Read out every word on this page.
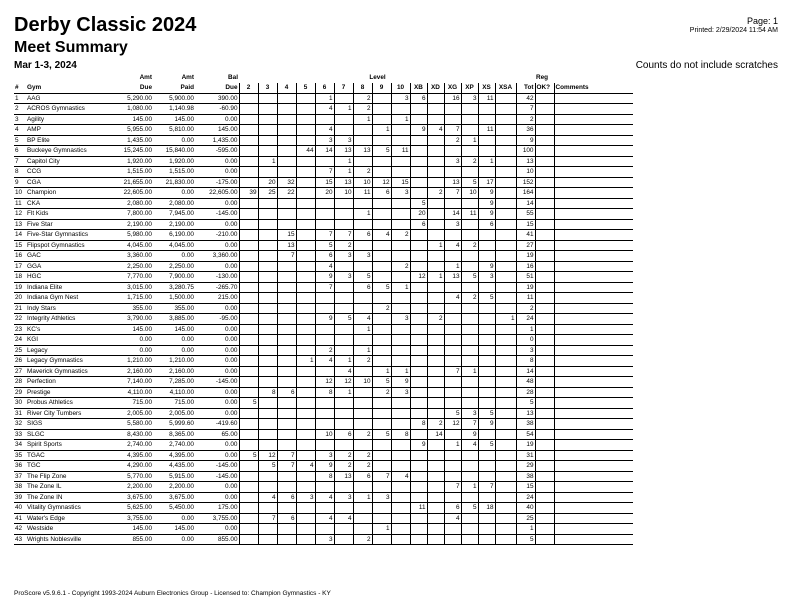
Derby Classic 2024
Meet Summary
Mar 1-3, 2024
Page: 1
Printed: 2/29/2024 11:54 AM
Counts do not include scratches
		Amt	Amt	Bal	Level																Reg	
#	Gym	Due	Paid	Due	2	3	4	5	6	7	8	9	10	XB	XD	XG	XP	XS	XSA	Tot	OK?	Comments
1	AAG	5,290.00	5,900.00	390.00					1		2		3	6		16	3	11		42		
2	ACROS Gymnastics	1,080.00	1,140.98	-60.90					4	1	2									7		
3	Agility	145.00	145.00	0.00							1		1							2		
4	AMP	5,955.00	5,810.00	145.00					4			1		9	4	7		11		36		
5	BP Elite	1,435.00	0.00	1,435.00					3	3						2	1			9		
6	Buckeye Gymnastics	15,245.00	15,840.00	-595.00				44	14	13	13	5	11							100		
7	Capitol City	1,920.00	1,920.00	0.00		1				1						3	2	1		13		
8	CCG	1,515.00	1,515.00	0.00					7	1	2									10		
9	CGA	21,655.00	21,830.00	-175.00		20	32		15	13	10	12	15			13	5	17		152		
10	Champion	22,605.00	0.00	22,605.00	39	25	22		20	10	11	6	3		2	7	10	9		164		
11	CKA	2,080.00	2,080.00	0.00										5				9		14		
12	Flt Kids	7,800.00	7,945.00	-145.00							1			20		14	11	9		55		
13	Five Star	2,190.00	2,190.00	0.00										6		3		6		15		
14	Five-Star Gymnastics	5,980.00	6,190.00	-210.00			15		7	7	6	4	2							41		
15	Flipspot Gymnastics	4,045.00	4,045.00	0.00			13		5	2					1	4	2			27		
16	GAC	3,360.00	0.00	3,360.00			7		6	3	3									19		
17	GGA	2,250.00	2,250.00	0.00					4				2			1		9		16		
18	HGC	7,770.00	7,900.00	-130.00					9	3	5			12	1	13	5	3		51		
19	Indiana Elite	3,015.00	3,280.75	-265.70					7		6	5	1							19		
20	Indiana Gym Nest	1,715.00	1,500.00	215.00												4	2	5		11		
21	Indy Stars	355.00	355.00	0.00								2								2		
22	Integrity Athletics	3,790.00	3,885.00	-95.00					9	5	4		3		2				1	24		
23	KC's	145.00	145.00	0.00							1									1		
24	KGI	0.00	0.00	0.00																0		
25	Legacy	0.00	0.00	0.00					2		1									3		
26	Legacy Gymnastics	1,210.00	1,210.00	0.00				1	4	1	2									8		
27	Maverick Gymnastics	2,160.00	2,160.00	0.00						4		1	1			7	1			14		
28	Perfection	7,140.00	7,285.00	-145.00					12	12	10	5	9							48		
29	Prestige	4,110.00	4,110.00	0.00		8	6		8	1		2	3							28		
30	Probus Athletics	715.00	715.00	0.00	5															5		
31	River City Tumbers	2,005.00	2,005.00	0.00												5	3	5		13		
32	SIGS	5,580.00	5,999.60	-419.60										8	2	12	7	9		38		
33	SLGC	8,430.00	8,365.00	65.00					10	6	2	5	8		14		9			54		
34	Spirit Sports	2,740.00	2,740.00	0.00										9		1	4	5		19		
35	TGAC	4,395.00	4,395.00	0.00	5	12	7		3	2	2									31		
36	TGC	4,290.00	4,435.00	-145.00		5	7	4	9	2	2									29		
37	The Flip Zone	5,770.00	5,915.00	-145.00					8	13	6	7	4							38		
38	The Zone IL	2,200.00	2,200.00	0.00												7	1	7		15		
39	The Zone IN	3,675.00	3,675.00	0.00		4	6	3	4	3	1	3								24		
40	Vitality Gymnastics	5,625.00	5,450.00	175.00										11		6	5	18		40		
41	Water's Edge	3,755.00	0.00	3,755.00		7	6		4	4						4				25		
42	Westside	145.00	145.00	0.00								1								1		
43	Wrights Noblesville	855.00	0.00	855.00					3		2									5		
ProScore v5.9.6.1 - Copyright 1993-2024 Auburn Electronics Group - Licensed to: Champion Gymnastics - KY
